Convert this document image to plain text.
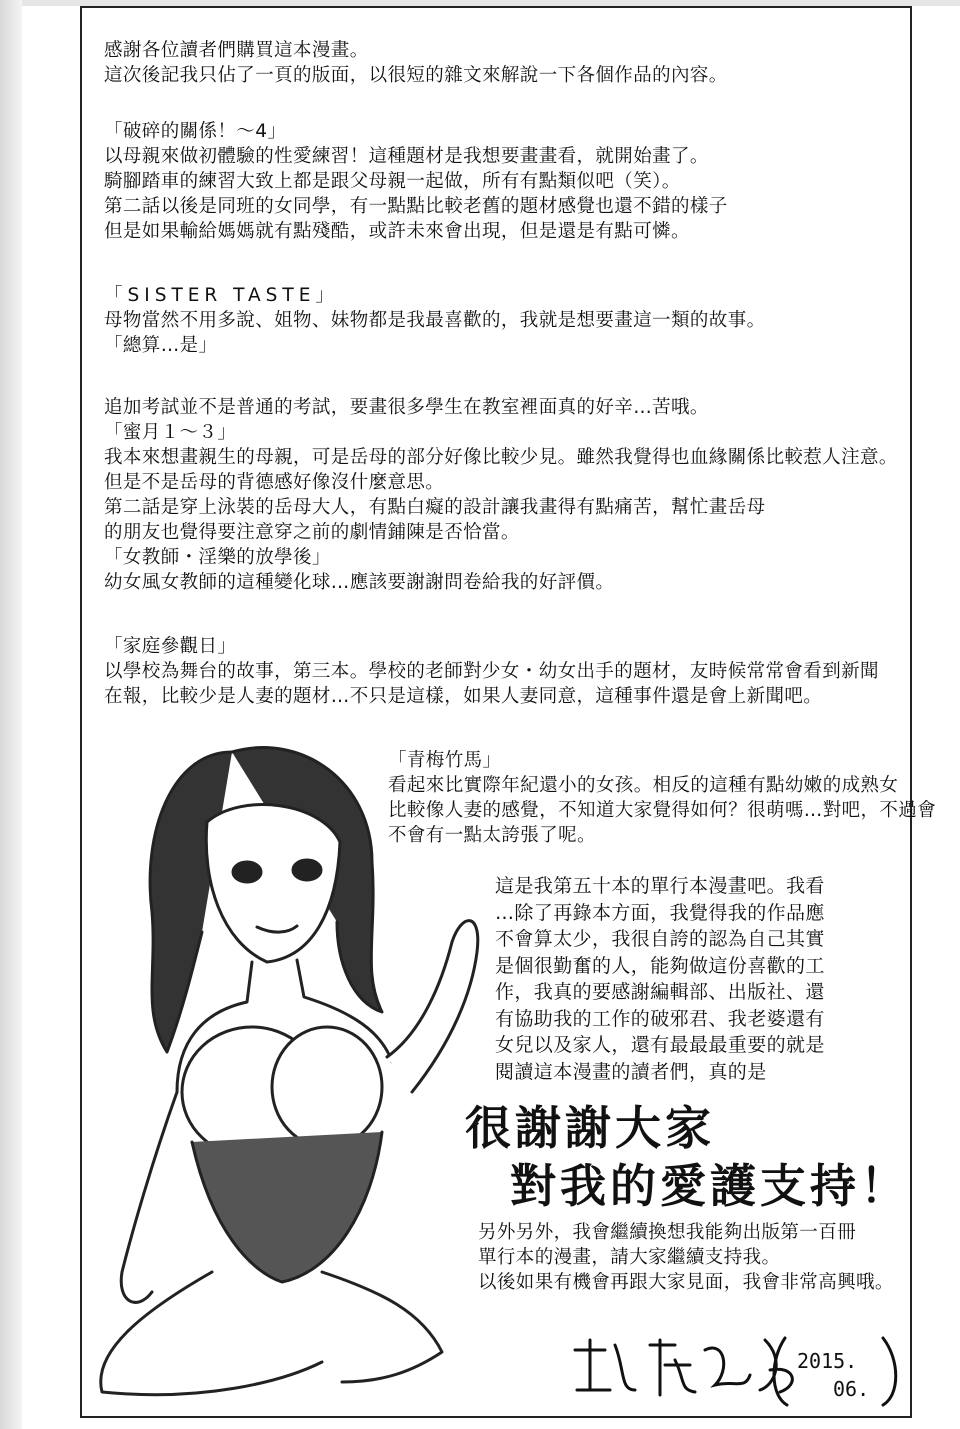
感謝各位讀者們購買這本漫畫。

這次後記我只佔了一頁的版面，以很短的雜文來解說一下各個作品的內容。

「破碎的關係！～4」

以母親來做初體驗的性愛練習！這種題材是我想要畫畫看，就開始畫了。

騎腳踏車的練習大致上都是跟父母親一起做，所有有點類似吧（笑）。

第二話以後是同班的女同學，有一點點比較老舊的題材感覺也還不錯的樣子

但是如果輸給媽媽就有點殘酷，或許未來會出現，但是還是有點可憐。

「SISTER TASTE」

母物當然不用多說、姐物、妹物都是我最喜歡的，我就是想要畫這一類的故事。

「總算…是」

追加考試並不是普通的考試，要畫很多學生在教室裡面真的好辛…苦哦。

「蜜月１～３」

我本來想畫親生的母親，可是岳母的部分好像比較少見。雖然我覺得也血緣關係比較惹人注意。

但是不是岳母的背德感好像沒什麼意思。

第二話是穿上泳裝的岳母大人，有點白癡的設計讓我畫得有點痛苦，幫忙畫岳母

的朋友也覺得要注意穿之前的劇情鋪陳是否恰當。

「女教師・淫樂的放學後」

幼女風女教師的這種變化球…應該要謝謝問卷給我的好評價。

「家庭參觀日」

以學校為舞台的故事，第三本。學校的老師對少女・幼女出手的題材，友時候常常會看到新聞

在報，比較少是人妻的題材…不只是這樣，如果人妻同意，這種事件還是會上新聞吧。

「青梅竹馬」

看起來比實際年紀還小的女孩。相反的這種有點幼嫩的成熟女

比較像人妻的感覺，不知道大家覺得如何？很萌嗎…對吧，不過會

不會有一點太誇張了呢。

這是我第五十本的單行本漫畫吧。我看

…除了再錄本方面，我覺得我的作品應

不會算太少，我很自誇的認為自己其實

是個很勤奮的人，能夠做這份喜歡的工

作，我真的要感謝編輯部、出版社、還

有協助我的工作的破邪君、我老婆還有

女兒以及家人，還有最最最重要的就是

閱讀這本漫畫的讀者們，真的是

很謝謝大家
對我的愛護支持！

另外另外，我會繼續換想我能夠出版第一百冊

單行本的漫畫，請大家繼續支持我。

以後如果有機會再跟大家見面，我會非常高興哦。

2015.
06.
